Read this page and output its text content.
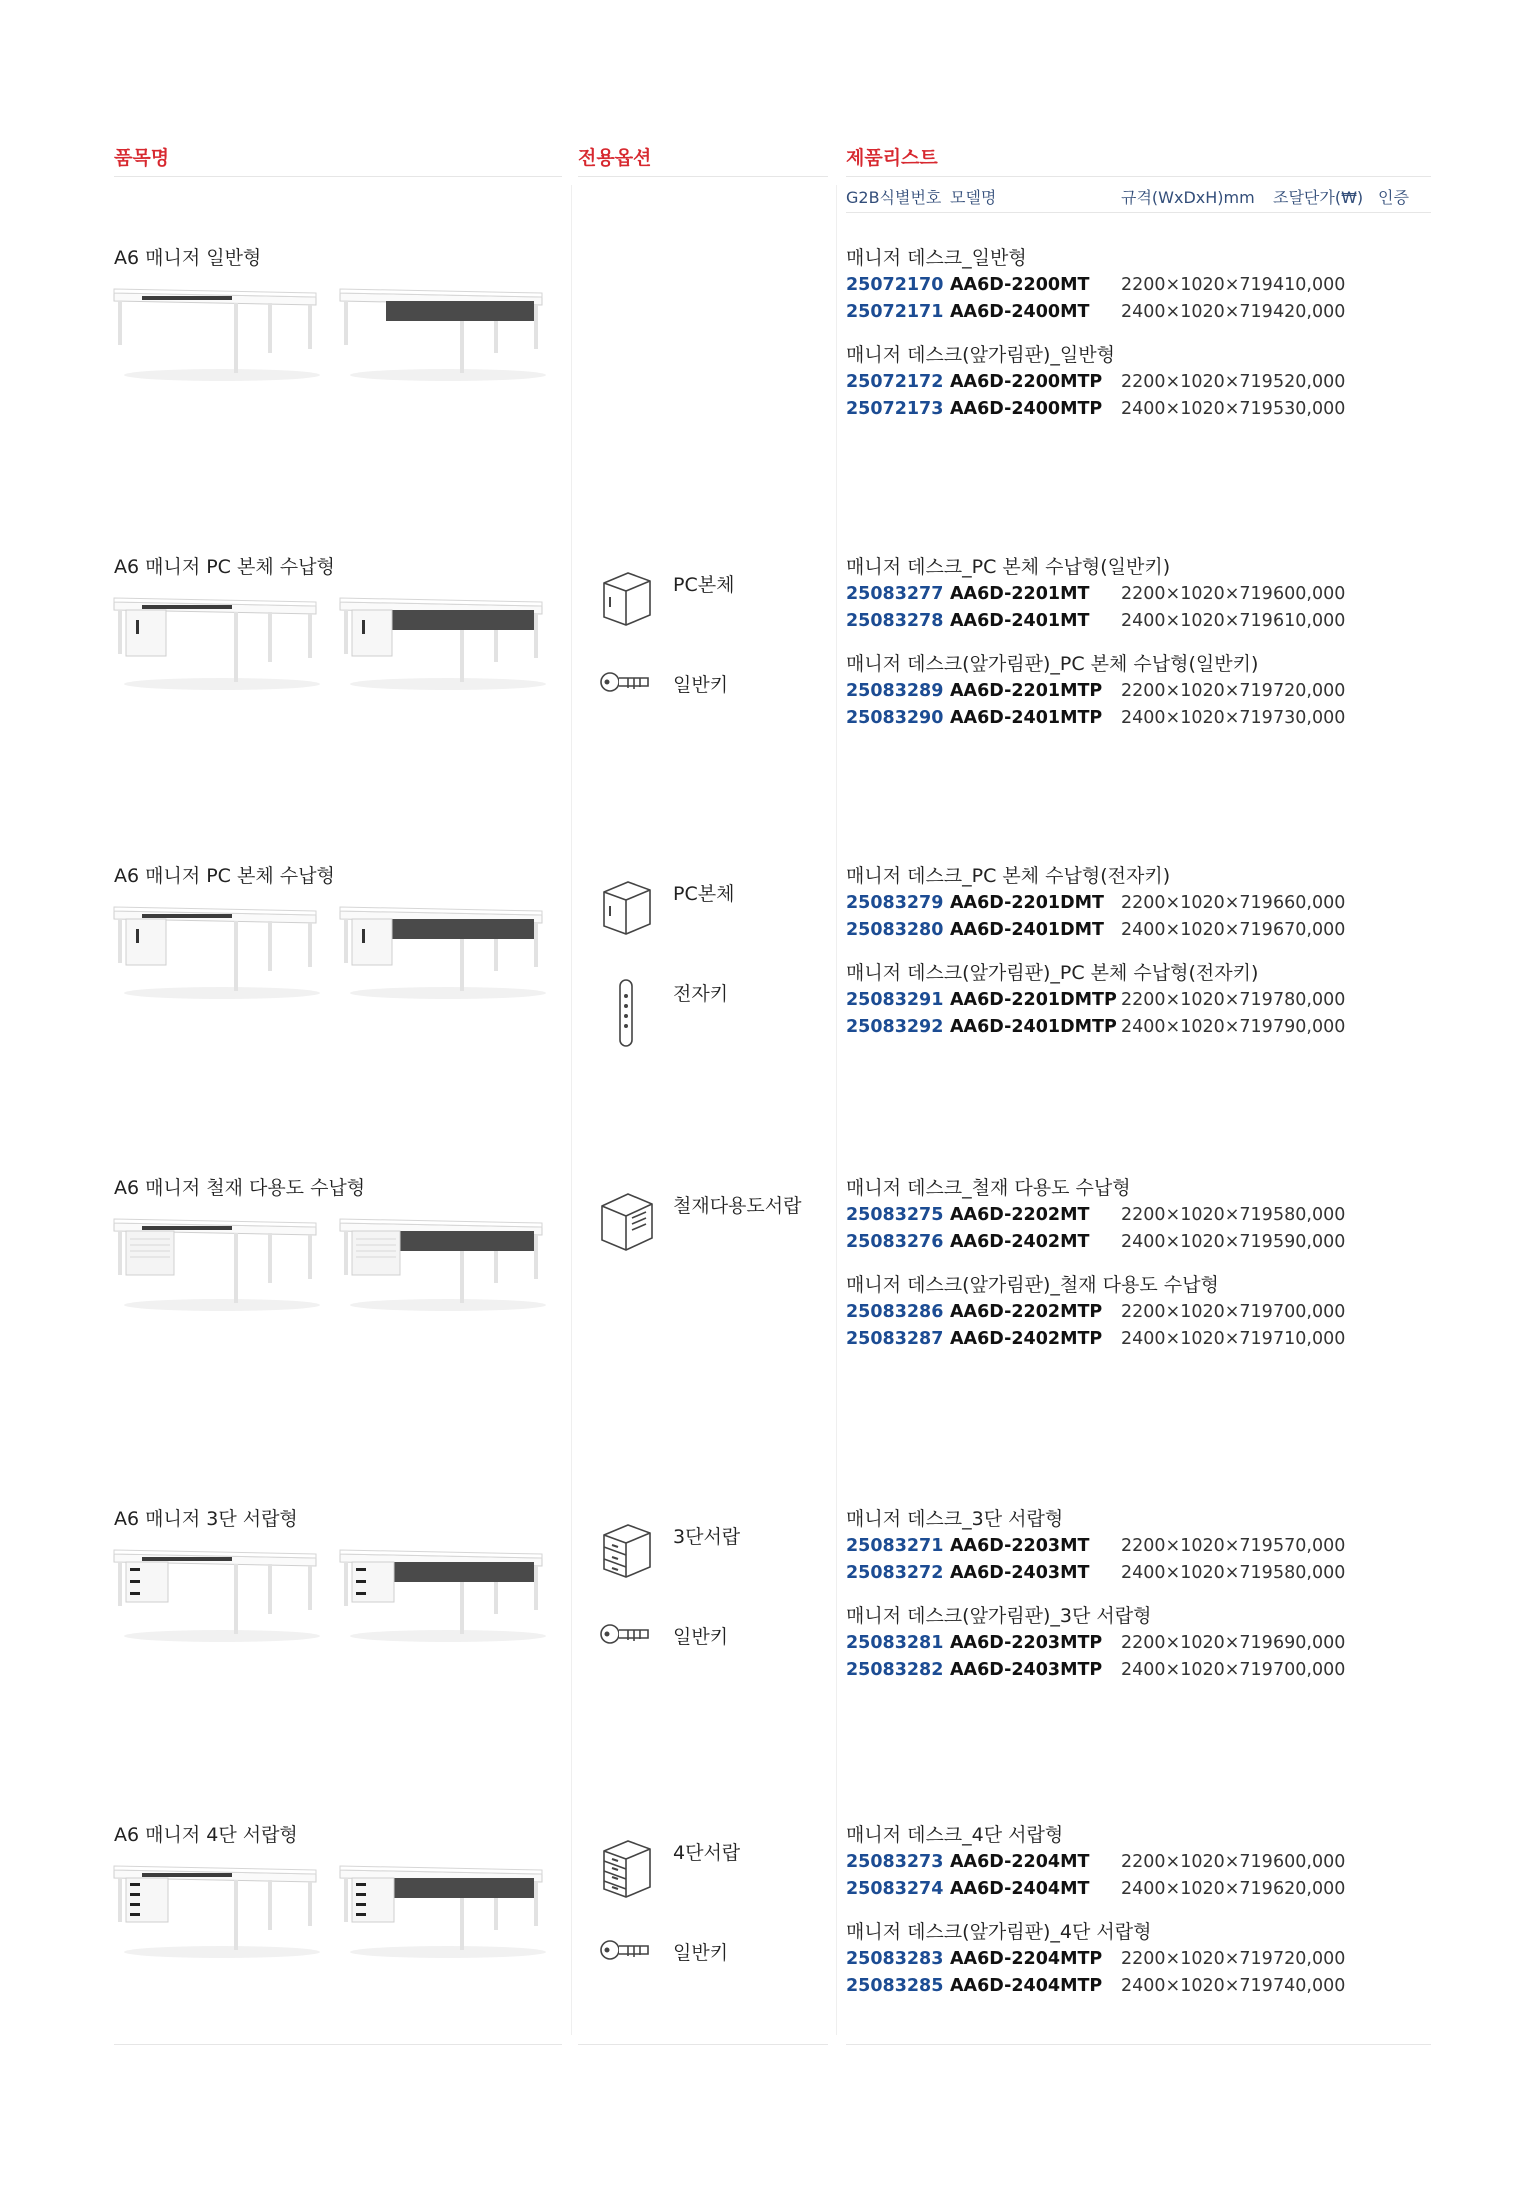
품목명	전용옵션	제품리스트
G2B식별번호 모델명	규격(WxDxH)mm 조달단가(₩) 인증
A6 매니저 일반형	매니저 데스크_일반형
25072170 AA6D-2200MT 2200×1020×719 410,000
25072171 AA6D-2400MT 2400×1020×719 420,000
매니저 데스크(앞가림판)_일반형
25072172 AA6D-2200MTP 2200×1020×719 520,000
25072173 AA6D-2400MTP 2400×1020×719 530,000
A6 매니저 PC 본체 수납형
PC본체
일반키
매니저 데스크_PC 본체 수납형(일반키)
25083277 AA6D-2201MT 2200×1020×719 600,000
25083278 AA6D-2401MT 2400×1020×719 610,000
매니저 데스크(앞가림판)_PC 본체 수납형(일반키)
25083289 AA6D-2201MTP 2200×1020×719 720,000
25083290 AA6D-2401MTP 2400×1020×719 730,000
A6 매니저 PC 본체 수납형
PC본체
전자키
매니저 데스크_PC 본체 수납형(전자키)
25083279 AA6D-2201DMT 2200×1020×719 660,000
25083280 AA6D-2401DMT 2400×1020×719 670,000
매니저 데스크(앞가림판)_PC 본체 수납형(전자키)
25083291 AA6D-2201DMTP 2200×1020×719 780,000
25083292 AA6D-2401DMTP 2400×1020×719 790,000
A6 매니저 철재 다용도 수납형
철재다용도서랍
매니저 데스크_철재 다용도 수납형
25083275 AA6D-2202MT 2200×1020×719 580,000
25083276 AA6D-2402MT 2400×1020×719 590,000
매니저 데스크(앞가림판)_철재 다용도 수납형
25083286 AA6D-2202MTP 2200×1020×719 700,000
25083287 AA6D-2402MTP 2400×1020×719 710,000
A6 매니저 3단 서랍형
3단서랍
일반키
매니저 데스크_3단 서랍형
25083271 AA6D-2203MT 2200×1020×719 570,000
25083272 AA6D-2403MT 2400×1020×719 580,000
매니저 데스크(앞가림판)_3단 서랍형
25083281 AA6D-2203MTP 2200×1020×719 690,000
25083282 AA6D-2403MTP 2400×1020×719 700,000
A6 매니저 4단 서랍형
4단서랍
일반키
매니저 데스크_4단 서랍형
25083273 AA6D-2204MT 2200×1020×719 600,000
25083274 AA6D-2404MT 2400×1020×719 620,000
매니저 데스크(앞가림판)_4단 서랍형
25083283 AA6D-2204MTP 2200×1020×719 720,000
25083285 AA6D-2404MTP 2400×1020×719 740,000
